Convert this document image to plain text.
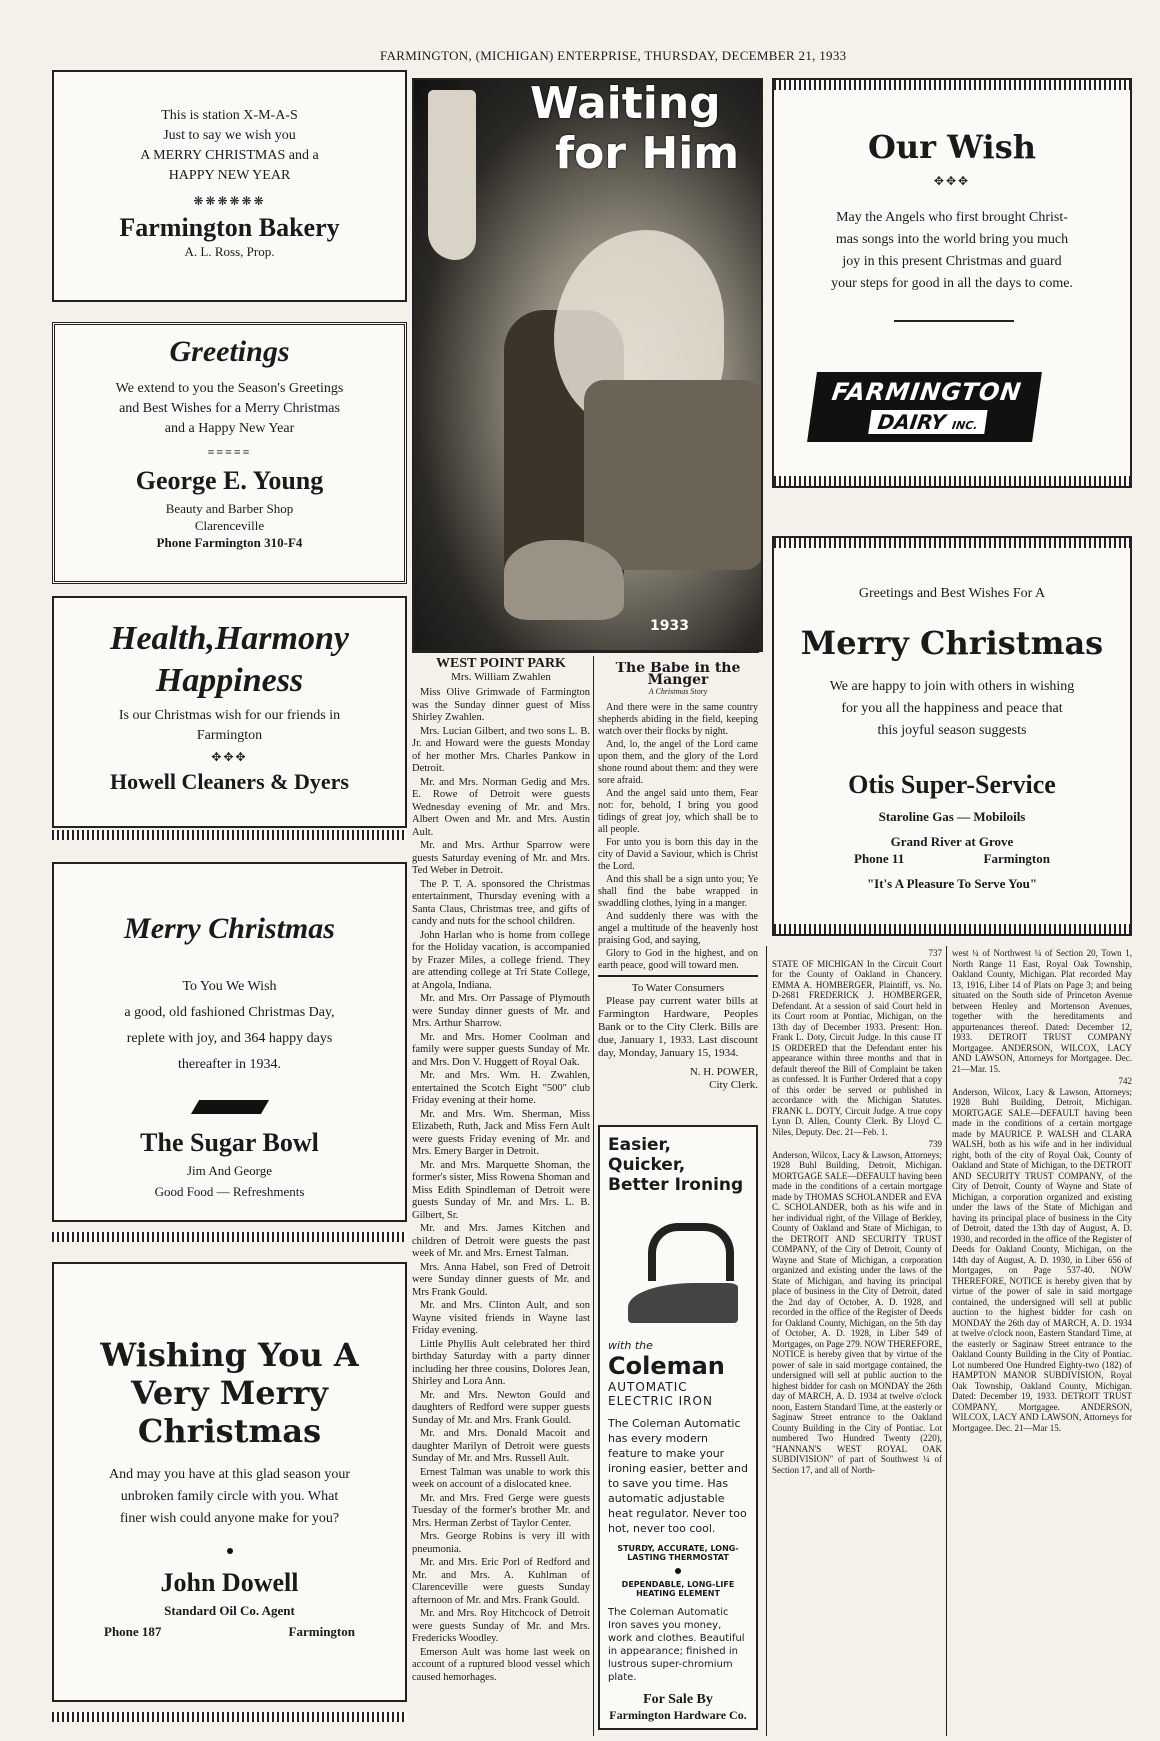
FARMINGTON, (MICHIGAN) ENTERPRISE, THURSDAY, DECEMBER 21, 1933
This is station X-M-A-S
Just to say we wish you
A MERRY CHRISTMAS and a
HAPPY NEW YEAR
❋❋❋❋❋❋
Farmington Bakery
A. L. Ross, Prop.
Greetings
We extend to you the Season's Greetings
and Best Wishes for a Merry Christmas
and a Happy New Year
≡≡≡≡≡
George E. Young
Beauty and Barber Shop
Clarenceville
Phone Farmington 310-F4
Health,Harmony
Happiness
Is our Christmas wish for our friends in
Farmington
✥✥✥
Howell Cleaners & Dyers
Merry Christmas
To You We Wish
a good, old fashioned Christmas Day,
replete with joy, and 364 happy days
thereafter in 1934.
The Sugar Bowl
Jim And George
Good Food — Refreshments
Wishing You A
Very Merry
Christmas
And may you have at this glad season your
unbroken family circle with you. What
finer wish could anyone make for you?
John Dowell
Standard Oil Co. Agent
Phone 187	Farmington
Waiting
for Him
1933
Our Wish
✥✥✥
May the Angels who first brought Christ-
mas songs into the world bring you much
joy in this present Christmas and guard
your steps for good in all the days to come.
FARMINGTON
DAIRY INC.
Greetings and Best Wishes For A
Merry Christmas
We are happy to join with others in wishing
for you all the happiness and peace that
this joyful season suggests
Otis Super-Service
Staroline Gas — Mobiloils
Grand River at Grove
Phone 11	Farmington
"It's A Pleasure To Serve You"
WEST POINT PARK
Mrs. William Zwahlen

Miss Olive Grimwade of Farmington was the Sunday dinner guest of Miss Shirley Zwahlen.

Mrs. Lucian Gilbert, and two sons L. B. Jr. and Howard were the guests Monday of her mother Mrs. Charles Pankow in Detroit.

Mr. and Mrs. Norman Gedig and Mrs. E. Rowe of Detroit were guests Wednesday evening of Mr. and Mrs. Albert Owen and Mr. and Mrs. Austin Ault.

Mr. and Mrs. Arthur Sparrow were guests Saturday evening of Mr. and Mrs. Ted Weber in Detroit.

The P. T. A. sponsored the Christmas entertainment, Thursday evening with a Santa Claus, Christmas tree, and gifts of candy and nuts for the school children.

John Harlan who is home from college for the Holiday vacation, is accompanied by Frazer Miles, a college friend. They are attending college at Tri State College, at Angola, Indiana.

Mr. and Mrs. Orr Passage of Plymouth were Sunday dinner guests of Mr. and Mrs. Arthur Sharrow.

Mr. and Mrs. Homer Coolman and family were supper guests Sunday of Mr. and Mrs. Don V. Huggett of Royal Oak.

Mr. and Mrs. Wm. H. Zwahlen, entertained the Scotch Eight "500" club Friday evening at their home.

Mr. and Mrs. Wm. Sherman, Miss Elizabeth, Ruth, Jack and Miss Fern Ault were guests Friday evening of Mr. and Mrs. Emery Barger in Detroit.

Mr. and Mrs. Marquette Shoman, the former's sister, Miss Rowena Shoman and Miss Edith Spindleman of Detroit were guests Sunday of Mr. and Mrs. L. B. Gilbert, Sr.

Mr. and Mrs. James Kitchen and children of Detroit were guests the past week of Mr. and Mrs. Ernest Talman.

Mrs. Anna Habel, son Fred of Detroit were Sunday dinner guests of Mr. and Mrs Frank Gould.

Mr. and Mrs. Clinton Ault, and son Wayne visited friends in Wayne last Friday evening.

Little Phyllis Ault celebrated her third birthday Saturday with a party dinner including her three cousins, Dolores Jean, Shirley and Lora Ann.

Mr. and Mrs. Newton Gould and daughters of Redford were supper guests Sunday of Mr. and Mrs. Frank Gould.

Mr. and Mrs. Donald Macoit and daughter Marilyn of Detroit were guests Sunday of Mr. and Mrs. Russell Ault.

Ernest Talman was unable to work this week on account of a dislocated knee.

Mr. and Mrs. Fred Gerge were guests Tuesday of the former's brother Mr. and Mrs. Herman Zerbst of Taylor Center.

Mrs. George Robins is very ill with pneumonia.

Mr. and Mrs. Eric Porl of Redford and Mr. and Mrs. A. Kuhlman of Clarenceville were guests Sunday afternoon of Mr. and Mrs. Frank Gould.

Mr. and Mrs. Roy Hitchcock of Detroit were guests Sunday of Mr. and Mrs. Fredericks Woodley.

Emerson Ault was home last week on account of a ruptured blood vessel which caused hemorhages.

The Babe in the Manger
A Christmas Story

And there were in the same country shepherds abiding in the field, keeping watch over their flocks by night.

And, lo, the angel of the Lord came upon them, and the glory of the Lord shone round about them: and they were sore afraid.

And the angel said unto them, Fear not: for, behold, I bring you good tidings of great joy, which shall be to all people.

For unto you is born this day in the city of David a Saviour, which is Christ the Lord.

And this shall be a sign unto you; Ye shall find the babe wrapped in swaddling clothes, lying in a manger.

And suddenly there was with the angel a multitude of the heavenly host praising God, and saying,

Glory to God in the highest, and on earth peace, good will toward men.

To Water Consumers

Please pay current water bills at Farmington Hardware, Peoples Bank or to the City Clerk. Bills are due, January 1, 1933. Last discount day, Monday, January 15, 1934.

N. H. POWER,
City Clerk.
Easier, Quicker,
Better Ironing
with the
Coleman
AUTOMATIC
ELECTRIC IRON
The Coleman Automatic has every modern feature to make your ironing easier, better and to save you time. Has automatic adjustable heat regulator. Never too hot, never too cool.
STURDY, ACCURATE, LONG-LASTING THERMOSTAT
DEPENDABLE, LONG-LIFE HEATING ELEMENT
The Coleman Automatic Iron saves you money, work and clothes. Beautiful in appearance; finished in lustrous super-chromium plate.
For Sale By
Farmington Hardware Co.
737

STATE OF MICHIGAN In the Circuit Court for the County of Oakland in Chancery. EMMA A. HOMBERGER, Plaintiff, vs. No. D-2681 FREDERICK J. HOMBERGER, Defendant. At a session of said Court held in its Court room at Pontiac, Michigan, on the 13th day of December 1933. Present: Hon. Frank L. Doty, Circuit Judge. In this cause IT IS ORDERED that the Defendant enter his appearance within three months and that in default thereof the Bill of Complaint be taken as confessed. It is Further Ordered that a copy of this order be served or published in accordance with the Michigan Statutes. FRANK L. DOTY, Circuit Judge. A true copy Lynn D. Allen, County Clerk. By Lloyd C. Niles, Deputy. Dec. 21—Feb. 1.

739

Anderson, Wilcox, Lacy & Lawson, Attorneys; 1928 Buhl Building, Detroit, Michigan. MORTGAGE SALE—DEFAULT having been made in the conditions of a certain mortgage made by THOMAS SCHOLANDER and EVA C. SCHOLANDER, both as his wife and in her individual right, of the Village of Berkley, County of Oakland and State of Michigan, to the DETROIT AND SECURITY TRUST COMPANY, of the City of Detroit, County of Wayne and State of Michigan, a corporation organized and existing under the laws of the State of Michigan, and having its principal place of business in the City of Detroit, dated the 2nd day of October, A. D. 1928, and recorded in the office of the Register of Deeds for Oakland County, Michigan, on the 5th day of October, A. D. 1928, in Liber 549 of Mortgages, on Page 279. NOW THEREFORE, NOTICE is hereby given that by virtue of the power of sale in said mortgage contained, the undersigned will sell at public auction to the highest bidder for cash on MONDAY the 26th day of MARCH, A. D. 1934 at twelve o'clock noon, Eastern Standard Time, at the easterly or Saginaw Street entrance to the Oakland County Building in the City of Pontiac. Lot numbered Two Hundred Twenty (220), "HANNAN'S WEST ROYAL OAK SUBDIVISION" of part of Southwest ¼ of Section 17, and all of North-

west ¼ of Northwest ¼ of Section 20, Town 1, North Range 11 East, Royal Oak Township, Oakland County, Michigan. Plat recorded May 13, 1916, Liber 14 of Plats on Page 3; and being situated on the South side of Princeton Avenue between Henley and Mortenson Avenues, together with the hereditaments and appurtenances thereof. Dated: December 12, 1933. DETROIT TRUST COMPANY Mortgagee. ANDERSON, WILCOX, LACY AND LAWSON, Attorneys for Mortgagee. Dec. 21—Mar. 15.

742

Anderson, Wilcox, Lacy & Lawson, Attorneys; 1928 Buhl Building, Detroit, Michigan. MORTGAGE SALE—DEFAULT having been made in the conditions of a certain mortgage made by MAURICE P. WALSH and CLARA WALSH, both as his wife and in her individual right, both of the city of Royal Oak, County of Oakland and State of Michigan, to the DETROIT AND SECURITY TRUST COMPANY, of the City of Detroit, County of Wayne and State of Michigan, a corporation organized and existing under the laws of the State of Michigan and having its principal place of business in the City of Detroit, dated the 13th day of August, A. D. 1930, and recorded in the office of the Register of Deeds for Oakland County, Michigan, on the 14th day of August, A. D. 1930, in Liber 656 of Mortgages, on Page 537-40. NOW THEREFORE, NOTICE is hereby given that by virtue of the power of sale in said mortgage contained, the undersigned will sell at public auction to the highest bidder for cash on MONDAY the 26th day of MARCH, A. D. 1934 at twelve o'clock noon, Eastern Standard Time, at the easterly or Saginaw Street entrance to the Oakland County Building in the City of Pontiac. Lot numbered One Hundred Eighty-two (182) of HAMPTON MANOR SUBDIVISION, Royal Oak Township, Oakland County, Michigan. Dated: December 19, 1933. DETROIT TRUST COMPANY, Mortgagee. ANDERSON, WILCOX, LACY AND LAWSON, Attorneys for Mortgagee. Dec. 21—Mar 15.
